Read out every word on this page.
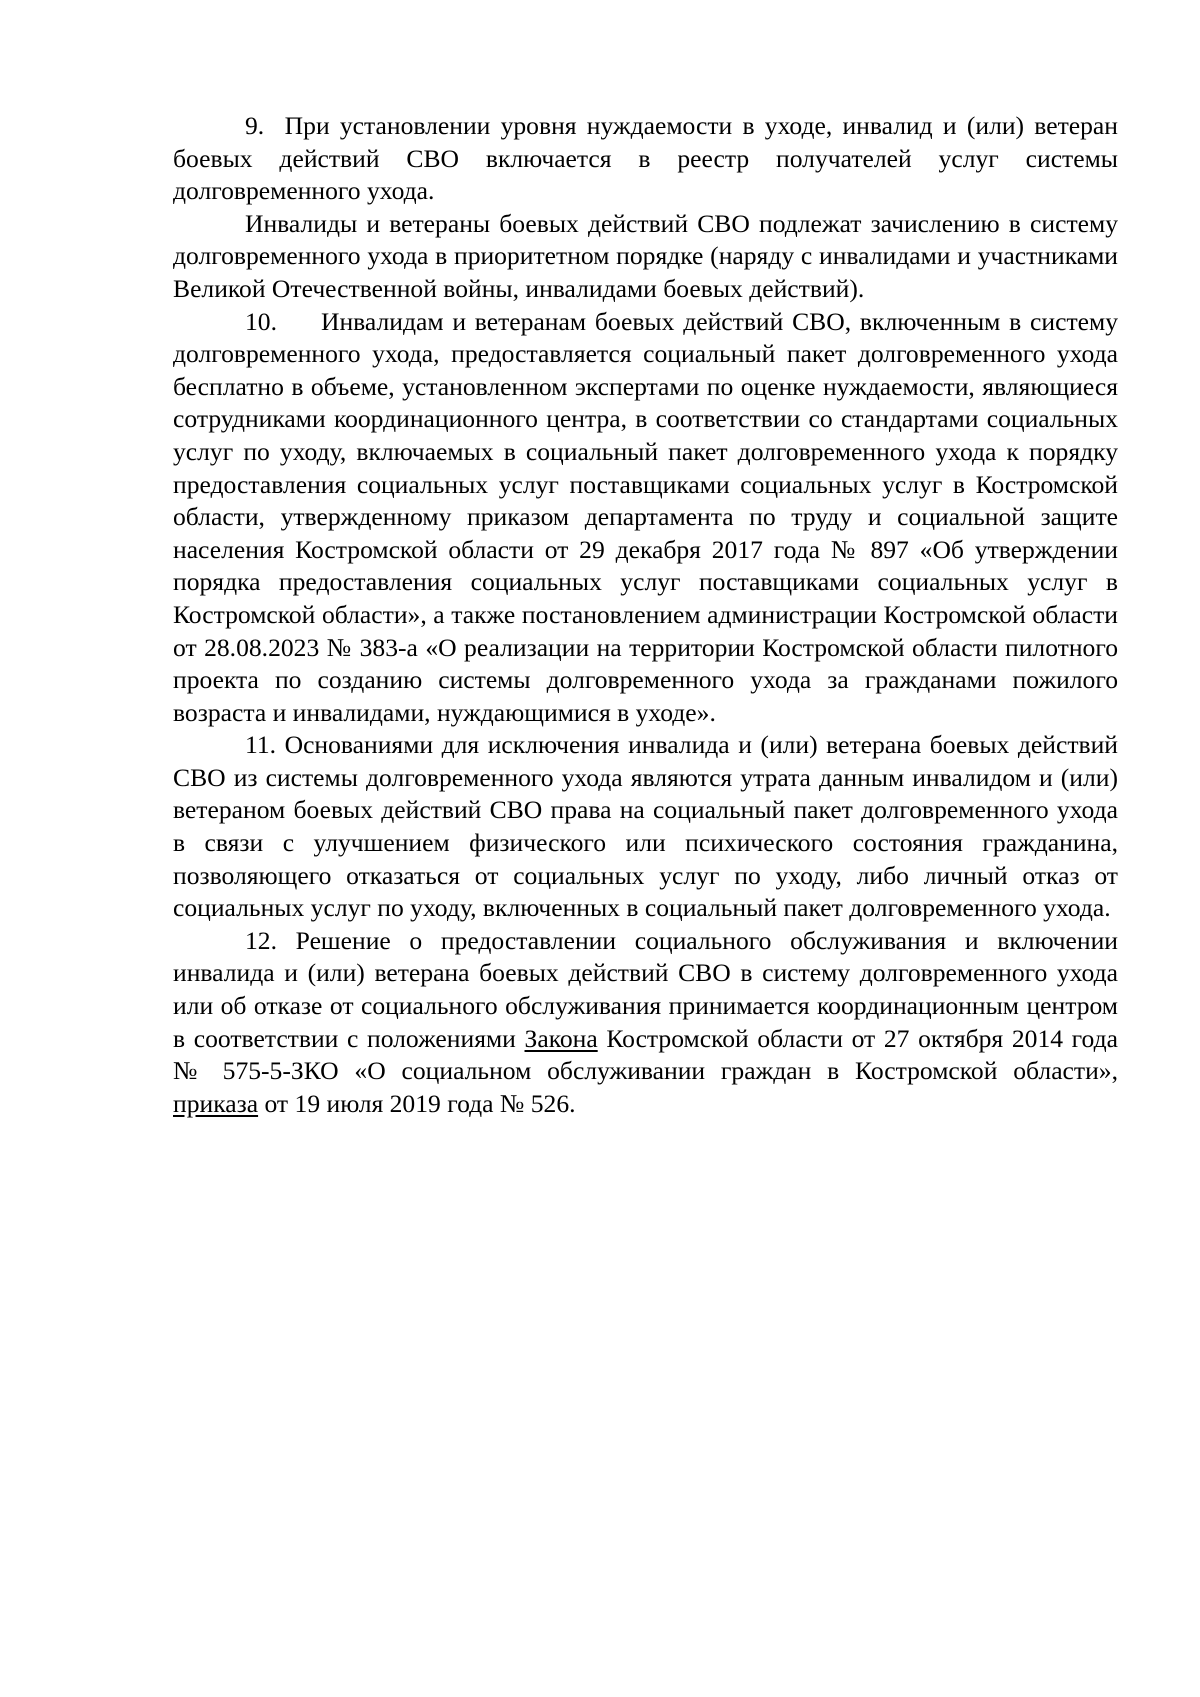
9.  При установлении уровня нуждаемости в уходе, инвалид и (или) ветеран боевых действий СВО включается в реестр получателей услуг системы долговременного ухода.

Инвалиды и ветераны боевых действий СВО подлежат зачислению в систему долговременного ухода в приоритетном порядке (наряду с инвалидами и участниками Великой Отечественной войны, инвалидами боевых действий).

10.     Инвалидам и ветеранам боевых действий СВО, включенным в систему долговременного ухода, предоставляется социальный пакет долговременного ухода бесплатно в объеме, установленном экспертами по оценке нуждаемости, являющиеся сотрудниками координационного центра, в соответствии со стандартами социальных услуг по уходу, включаемых в социальный пакет долговременного ухода к порядку предоставления социальных услуг поставщиками социальных услуг в Костромской области, утвержденному приказом департамента по труду и социальной защите населения Костромской области от 29 декабря 2017 года № 897 «Об утверждении порядка предоставления социальных услуг поставщиками социальных услуг в Костромской области», а также постановлением администрации Костромской области от 28.08.2023 № 383-а «О реализации на территории Костромской области пилотного проекта по созданию системы долговременного ухода за гражданами пожилого возраста и инвалидами, нуждающимися в уходе».

11. Основаниями для исключения инвалида и (или) ветерана боевых действий СВО из системы долговременного ухода являются утрата данным инвалидом и (или) ветераном боевых действий СВО права на социальный пакет долговременного ухода в связи с улучшением физического или психического состояния гражданина, позволяющего отказаться от социальных услуг по уходу, либо личный отказ от социальных услуг по уходу, включенных в социальный пакет долговременного ухода.

12. Решение о предоставлении социального обслуживания и включении инвалида и (или) ветерана боевых действий СВО в систему долговременного ухода или об отказе от социального обслуживания принимается координационным центром в соответствии с положениями Закона Костромской области от 27 октября 2014 года № 575-5-ЗКО «О социальном обслуживании граждан в Костромской области», приказа от 19 июля 2019 года № 526.
